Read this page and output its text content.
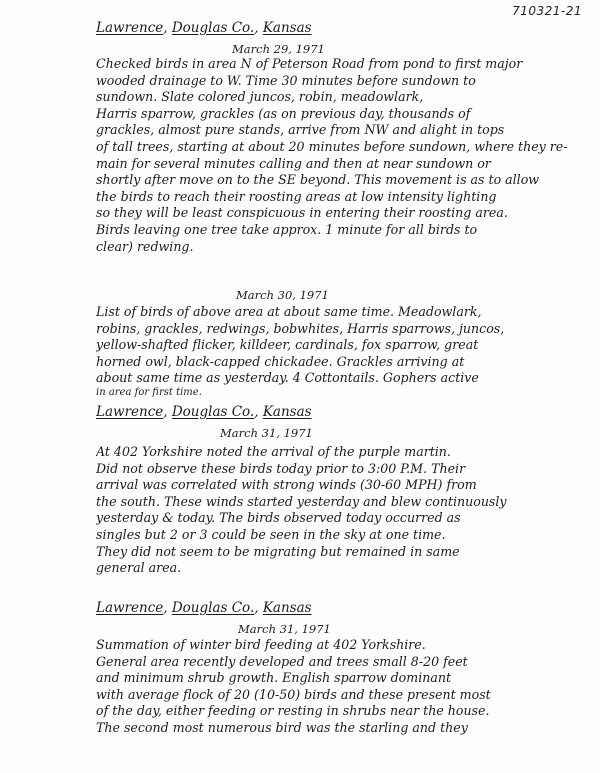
710321-21
Lawrence, Douglas Co., Kansas
March 29, 1971
Checked birds in area N of Peterson Road from pond to first major
wooded drainage to W. Time 30 minutes before sundown to
sundown. Slate colored juncos, robin, meadowlark,
Harris sparrow, grackles (as on previous day, thousands of
grackles, almost pure stands, arrive from NW and alight in tops
of tall trees, starting at about 20 minutes before sundown, where they re-
main for several minutes calling and then at near sundown or
shortly after move on to the SE beyond. This movement is as to allow
the birds to reach their roosting areas at low intensity lighting
so they will be least conspicuous in entering their roosting area.
Birds leaving one tree take approx. 1 minute for all birds to
clear) redwing.
March 30, 1971
List of birds of above area at about same time. Meadowlark,
robins, grackles, redwings, bobwhites, Harris sparrows, juncos,
yellow-shafted flicker, killdeer, cardinals, fox sparrow, great
horned owl, black-capped chickadee. Grackles arriving at
about same time as yesterday. 4 Cottontails. Gophers active
in area for first time.
Lawrence, Douglas Co., Kansas
March 31, 1971
At 402 Yorkshire noted the arrival of the purple martin.
Did not observe these birds today prior to 3:00 P.M. Their
arrival was correlated with strong winds (30-60 MPH) from
the south. These winds started yesterday and blew continuously
yesterday & today. The birds observed today occurred as
singles but 2 or 3 could be seen in the sky at one time.
They did not seem to be migrating but remained in same
general area.
Lawrence, Douglas Co., Kansas
March 31, 1971
Summation of winter bird feeding at 402 Yorkshire.
General area recently developed and trees small 8-20 feet
and minimum shrub growth. English sparrow dominant
with average flock of 20 (10-50) birds and these present most
of the day, either feeding or resting in shrubs near the house.
The second most numerous bird was the starling and they
